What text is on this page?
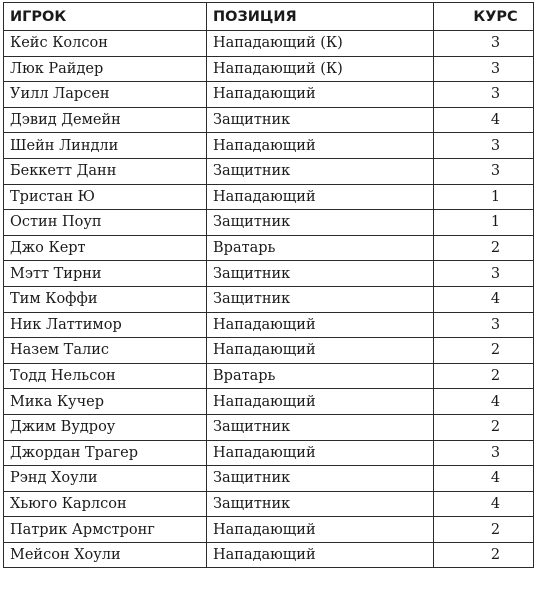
ИГРОК	ПОЗИЦИЯ	КУРС
Кейс Колсон	Нападающий (К)	3
Люк Райдер	Нападающий (К)	3
Уилл Ларсен	Нападающий	3
Дэвид Демейн	Защитник	4
Шейн Линдли	Нападающий	3
Беккетт Данн	Защитник	3
Тристан Ю	Нападающий	1
Остин Поуп	Защитник	1
Джо Керт	Вратарь	2
Мэтт Тирни	Защитник	3
Тим Коффи	Защитник	4
Ник Латтимор	Нападающий	3
Назем Талис	Нападающий	2
Тодд Нельсон	Вратарь	2
Мика Кучер	Нападающий	4
Джим Вудроу	Защитник	2
Джордан Трагер	Нападающий	3
Рэнд Хоули	Защитник	4
Хьюго Карлсон	Защитник	4
Патрик Армстронг	Нападающий	2
Мейсон Хоули	Нападающий	2
